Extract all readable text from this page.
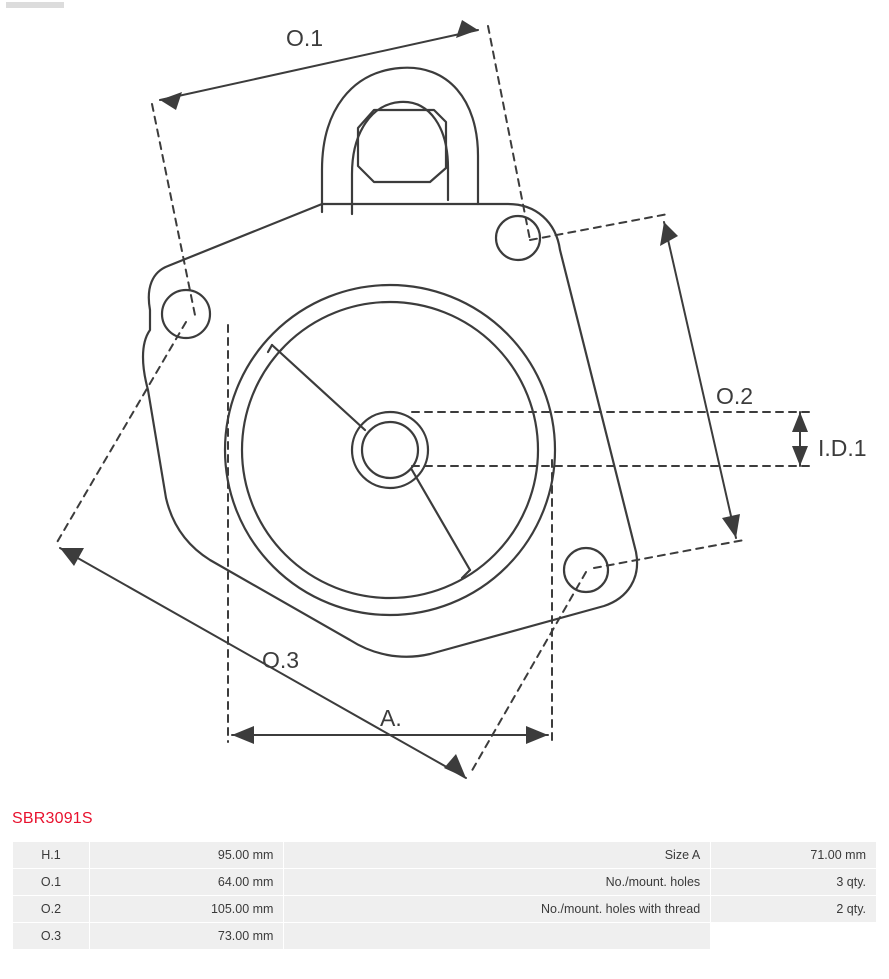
O.1
O.2
O.3
I.D.1
A.
SBR3091S
H.1	95.00 mm	Size A	71.00 mm
O.1	64.00 mm	No./mount. holes	3 qty.
O.2	105.00 mm	No./mount. holes with thread	2 qty.
O.3	73.00 mm		
